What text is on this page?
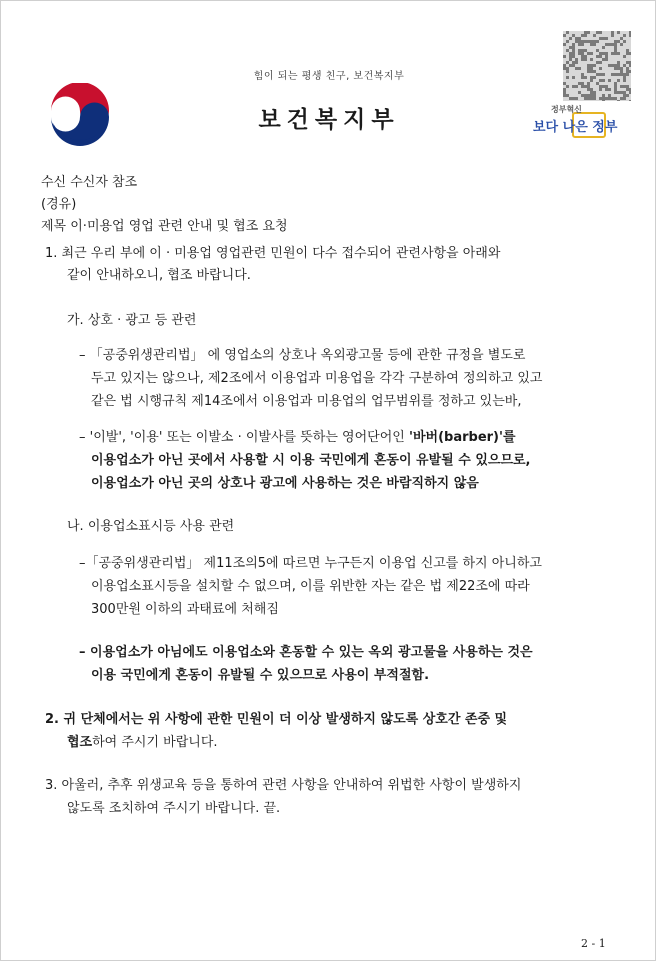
힘이 되는 평생 친구, 보건복지부
보건복지부	정부혁신
보다 나은 정부
수신 수신자 참조
(경유)
제목 이·미용업 영업 관련 안내 및 협조 요청
1. 최근 우리 부에 이 · 미용업 영업관련 민원이 다수 접수되어 관련사항을 아래와
같이 안내하오니, 협조 바랍니다.
가. 상호 · 광고 등 관련
– 「공중위생관리법」 에 영업소의 상호나 옥외광고물 등에 관한 규정을 별도로
두고 있지는 않으나, 제2조에서 이용업과 미용업을 각각 구분하여 정의하고 있고
같은 법 시행규칙 제14조에서 이용업과 미용업의 업무범위를 정하고 있는바,
– '이발', '이용' 또는 이발소 · 이발사를 뜻하는 영어단어인 '바버(barber)'를
이용업소가 아닌 곳에서 사용할 시 이용 국민에게 혼동이 유발될 수 있으므로,
이용업소가 아닌 곳의 상호나 광고에 사용하는 것은 바람직하지 않음
나. 이용업소표시등 사용 관련
–「공중위생관리법」 제11조의5에 따르면 누구든지 이용업 신고를 하지 아니하고
이용업소표시등을 설치할 수 없으며, 이를 위반한 자는 같은 법 제22조에 따라
300만원 이하의 과태료에 처해짐
– 이용업소가 아님에도 이용업소와 혼동할 수 있는 옥외 광고물을 사용하는 것은
이용 국민에게 혼동이 유발될 수 있으므로 사용이 부적절함.
2. 귀 단체에서는 위 사항에 관한 민원이 더 이상 발생하지 않도록 상호간 존중 및
협조하여 주시기 바랍니다.
3. 아울러, 추후 위생교육 등을 통하여 관련 사항을 안내하여 위법한 사항이 발생하지
않도록 조치하여 주시기 바랍니다. 끝.
2 - 1
